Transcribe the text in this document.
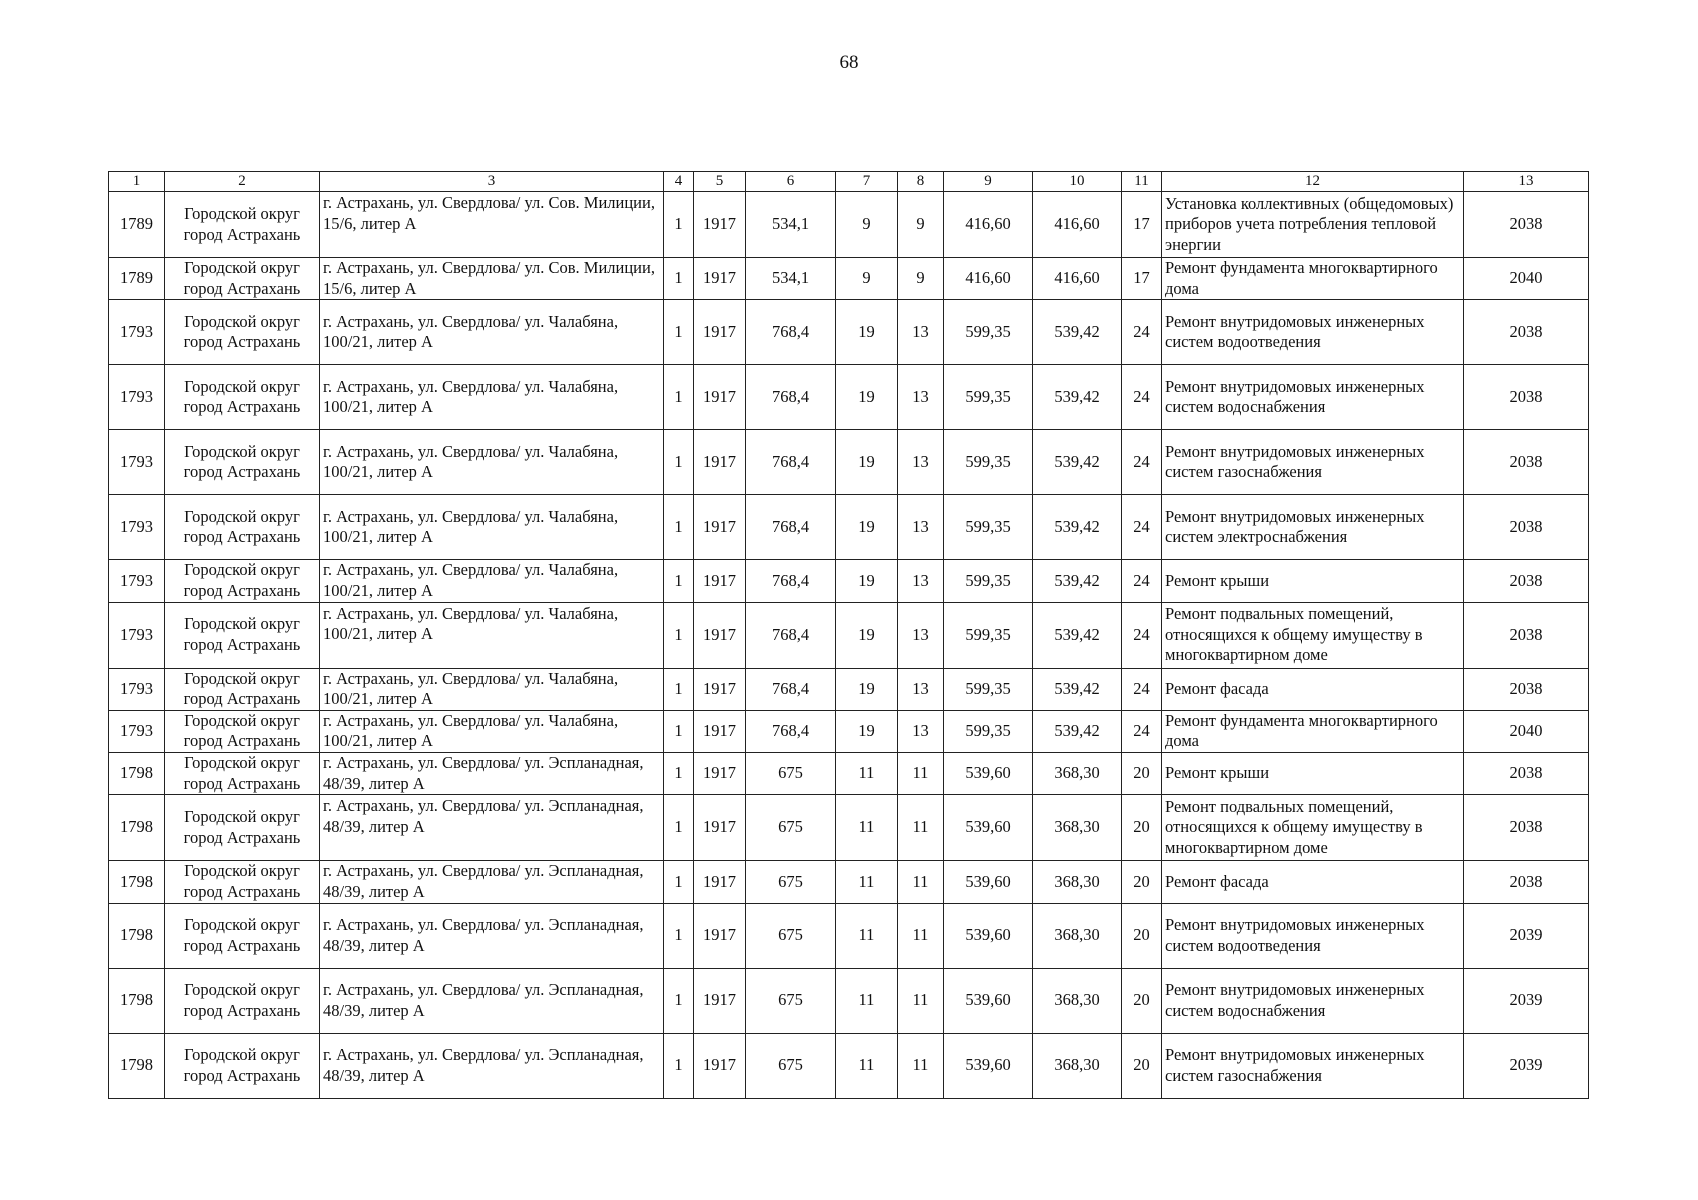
68
1	2	3	4	5	6	7	8	9	10	11	12	13
1789	Городской округ город Астрахань	г. Астрахань, ул. Свердлова/ ул. Сов. Милиции, 15/6, литер А	1	1917	534,1	9	9	416,60	416,60	17	Установка коллективных (общедомовых) приборов учета потребления тепловой энергии	2038
1789	Городской округ город Астрахань	г. Астрахань, ул. Свердлова/ ул. Сов. Милиции, 15/6, литер А	1	1917	534,1	9	9	416,60	416,60	17	Ремонт фундамента многоквартирного дома	2040
1793	Городской округ город Астрахань	г. Астрахань, ул. Свердлова/ ул. Чалабяна, 100/21, литер А	1	1917	768,4	19	13	599,35	539,42	24	Ремонт внутридомовых инженерных систем водоотведения	2038
1793	Городской округ город Астрахань	г. Астрахань, ул. Свердлова/ ул. Чалабяна, 100/21, литер А	1	1917	768,4	19	13	599,35	539,42	24	Ремонт внутридомовых инженерных систем водоснабжения	2038
1793	Городской округ город Астрахань	г. Астрахань, ул. Свердлова/ ул. Чалабяна, 100/21, литер А	1	1917	768,4	19	13	599,35	539,42	24	Ремонт внутридомовых инженерных систем газоснабжения	2038
1793	Городской округ город Астрахань	г. Астрахань, ул. Свердлова/ ул. Чалабяна, 100/21, литер А	1	1917	768,4	19	13	599,35	539,42	24	Ремонт внутридомовых инженерных систем электроснабжения	2038
1793	Городской округ город Астрахань	г. Астрахань, ул. Свердлова/ ул. Чалабяна, 100/21, литер А	1	1917	768,4	19	13	599,35	539,42	24	Ремонт крыши	2038
1793	Городской округ город Астрахань	г. Астрахань, ул. Свердлова/ ул. Чалабяна, 100/21, литер А	1	1917	768,4	19	13	599,35	539,42	24	Ремонт подвальных помещений, относящихся к общему имуществу в многоквартирном доме	2038
1793	Городской округ город Астрахань	г. Астрахань, ул. Свердлова/ ул. Чалабяна, 100/21, литер А	1	1917	768,4	19	13	599,35	539,42	24	Ремонт фасада	2038
1793	Городской округ город Астрахань	г. Астрахань, ул. Свердлова/ ул. Чалабяна, 100/21, литер А	1	1917	768,4	19	13	599,35	539,42	24	Ремонт фундамента многоквартирного дома	2040
1798	Городской округ город Астрахань	г. Астрахань, ул. Свердлова/ ул. Эспланадная, 48/39, литер А	1	1917	675	11	11	539,60	368,30	20	Ремонт крыши	2038
1798	Городской округ город Астрахань	г. Астрахань, ул. Свердлова/ ул. Эспланадная, 48/39, литер А	1	1917	675	11	11	539,60	368,30	20	Ремонт подвальных помещений, относящихся к общему имуществу в многоквартирном доме	2038
1798	Городской округ город Астрахань	г. Астрахань, ул. Свердлова/ ул. Эспланадная, 48/39, литер А	1	1917	675	11	11	539,60	368,30	20	Ремонт фасада	2038
1798	Городской округ город Астрахань	г. Астрахань, ул. Свердлова/ ул. Эспланадная, 48/39, литер А	1	1917	675	11	11	539,60	368,30	20	Ремонт внутридомовых инженерных систем водоотведения	2039
1798	Городской округ город Астрахань	г. Астрахань, ул. Свердлова/ ул. Эспланадная, 48/39, литер А	1	1917	675	11	11	539,60	368,30	20	Ремонт внутридомовых инженерных систем водоснабжения	2039
1798	Городской округ город Астрахань	г. Астрахань, ул. Свердлова/ ул. Эспланадная, 48/39, литер А	1	1917	675	11	11	539,60	368,30	20	Ремонт внутридомовых инженерных систем газоснабжения	2039
